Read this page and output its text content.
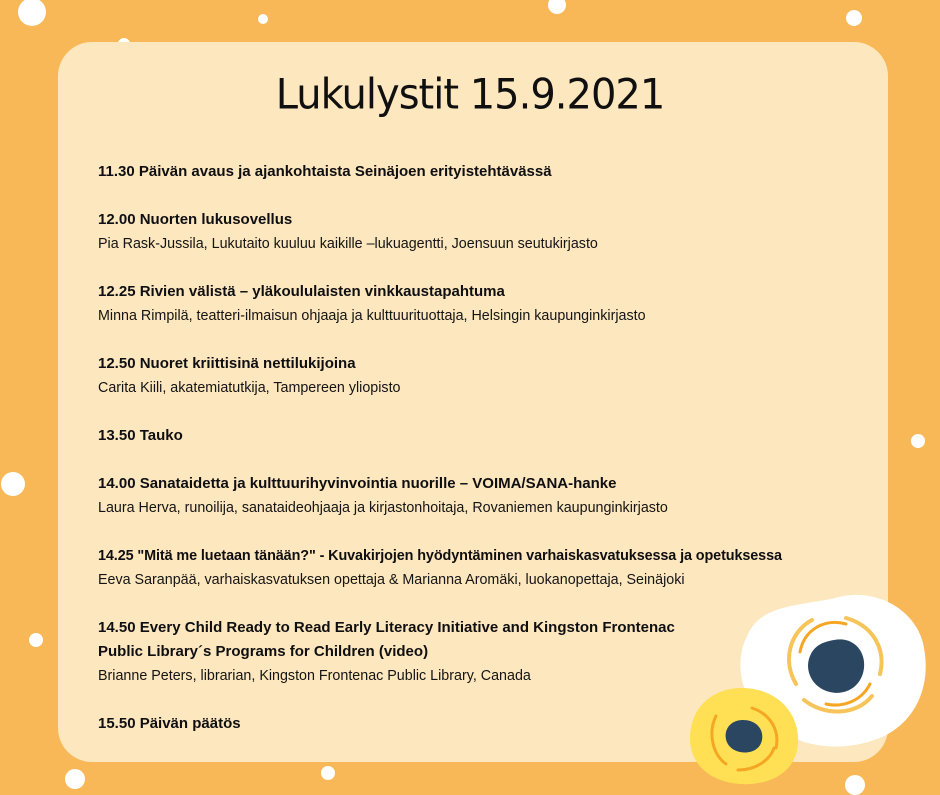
Lukulystit 15.9.2021
11.30 Päivän avaus ja ajankohtaista Seinäjoen erityistehtävässä
12.00 Nuorten lukusovellus
Pia Rask-Jussila, Lukutaito kuuluu kaikille –lukuagentti, Joensuun seutukirjasto
12.25 Rivien välistä – yläkoululaisten vinkkaustapahtuma
Minna Rimpilä, teatteri-ilmaisun ohjaaja ja kulttuurituottaja, Helsingin kaupunginkirjasto
12.50 Nuoret kriittisinä nettilukijoina
Carita Kiili, akatemiatutkija, Tampereen yliopisto
13.50 Tauko
14.00 Sanataidetta ja kulttuurihyvinvointia nuorille – VOIMA/SANA-hanke
Laura Herva, runoilija, sanataideohjaaja ja kirjastonhoitaja, Rovaniemen kaupunginkirjasto
14.25 "Mitä me luetaan tänään?" - Kuvakirjojen hyödyntäminen varhaiskasvatuksessa ja opetuksessa
Eeva Saranpää, varhaiskasvatuksen opettaja & Marianna Aromäki, luokanopettaja, Seinäjoki
14.50 Every Child Ready to Read Early Literacy Initiative and Kingston Frontenac
Public Library´s Programs for Children (video)
Brianne Peters, librarian, Kingston Frontenac Public Library, Canada
15.50 Päivän päätös
